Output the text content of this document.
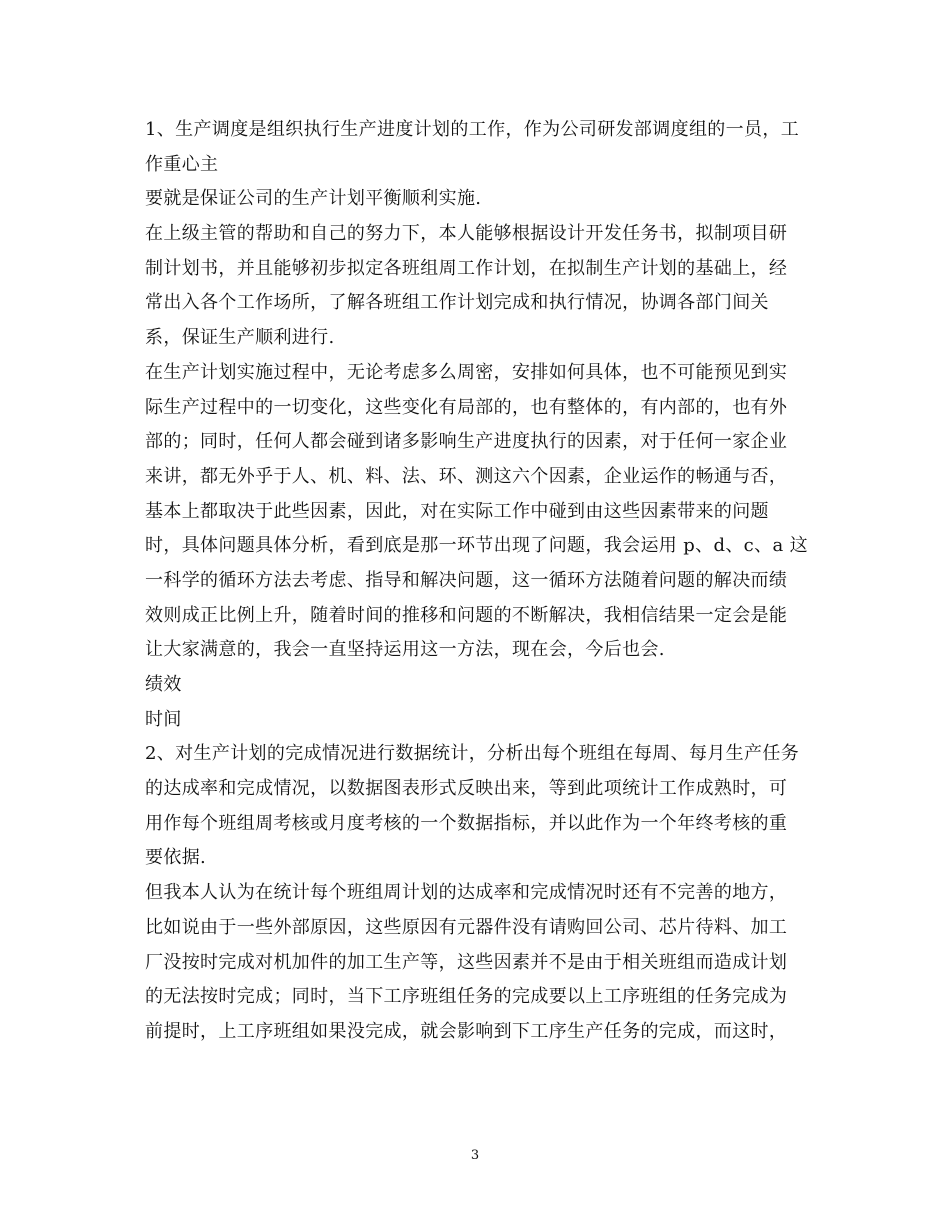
1、生产调度是组织执行生产进度计划的工作，作为公司研发部调度组的一员，工
作重心主
要就是保证公司的生产计划平衡顺利实施.
在上级主管的帮助和自己的努力下，本人能够根据设计开发任务书，拟制项目研
制计划书，并且能够初步拟定各班组周工作计划，在拟制生产计划的基础上，经
常出入各个工作场所，了解各班组工作计划完成和执行情况，协调各部门间关
系，保证生产顺利进行.
在生产计划实施过程中，无论考虑多么周密，安排如何具体，也不可能预见到实
际生产过程中的一切变化，这些变化有局部的，也有整体的，有内部的，也有外
部的；同时，任何人都会碰到诸多影响生产进度执行的因素，对于任何一家企业
来讲，都无外乎于人、机、料、法、环、测这六个因素，企业运作的畅通与否，
基本上都取决于此些因素，因此，对在实际工作中碰到由这些因素带来的问题
时，具体问题具体分析，看到底是那一环节出现了问题，我会运用 p、d、c、a 这
一科学的循环方法去考虑、指导和解决问题，这一循环方法随着问题的解决而绩
效则成正比例上升，随着时间的推移和问题的不断解决，我相信结果一定会是能
让大家满意的，我会一直坚持运用这一方法，现在会，今后也会.
绩效
时间
2、对生产计划的完成情况进行数据统计，分析出每个班组在每周、每月生产任务
的达成率和完成情况，以数据图表形式反映出来，等到此项统计工作成熟时，可
用作每个班组周考核或月度考核的一个数据指标，并以此作为一个年终考核的重
要依据.
但我本人认为在统计每个班组周计划的达成率和完成情况时还有不完善的地方，
比如说由于一些外部原因，这些原因有元器件没有请购回公司、芯片待料、加工
厂没按时完成对机加件的加工生产等，这些因素并不是由于相关班组而造成计划
的无法按时完成；同时，当下工序班组任务的完成要以上工序班组的任务完成为
前提时，上工序班组如果没完成，就会影响到下工序生产任务的完成，而这时，
3
